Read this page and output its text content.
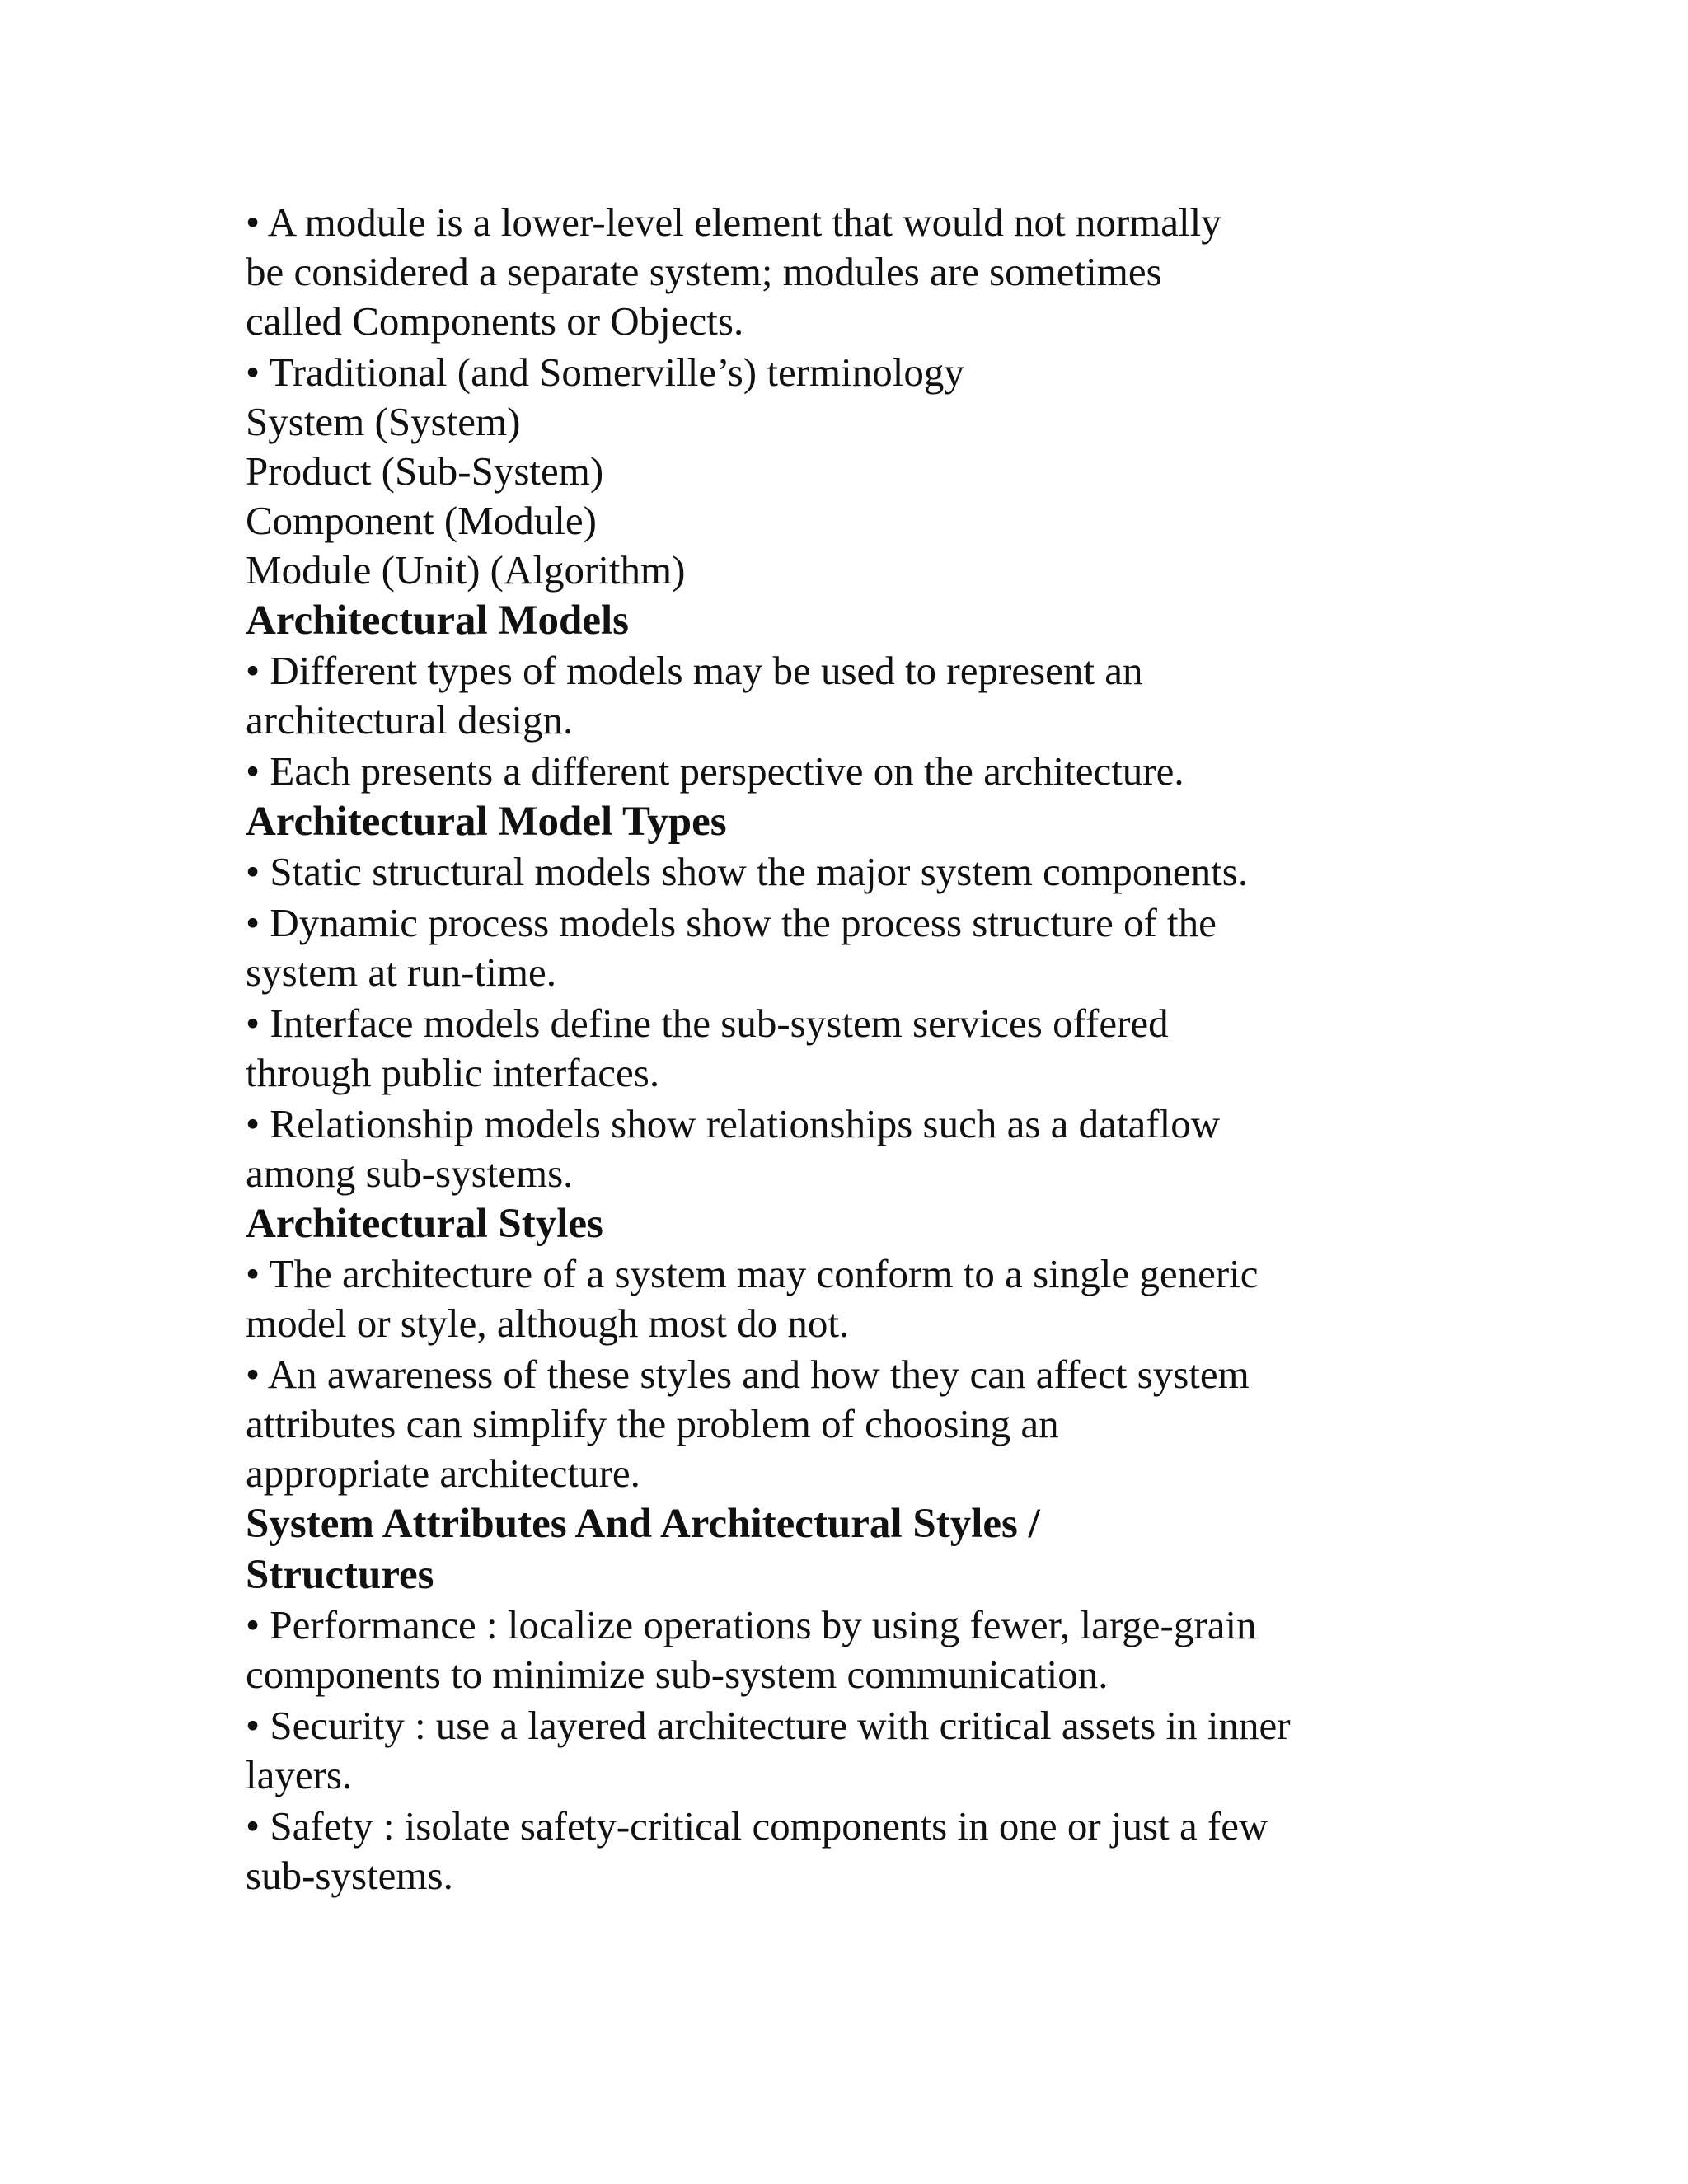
• A module is a lower-level element that would not normally
be considered a separate system; modules are sometimes
called Components or Objects.
• Traditional (and Somerville’s) terminology
System (System)
Product (Sub-System)
Component (Module)
Module (Unit) (Algorithm)
Architectural Models
• Different types of models may be used to represent an
architectural design.
• Each presents a different perspective on the architecture.
Architectural Model Types
• Static structural models show the major system components.
• Dynamic process models show the process structure of the
system at run-time.
• Interface models define the sub-system services offered
through public interfaces.
• Relationship models show relationships such as a dataflow
among sub-systems.
Architectural Styles
• The architecture of a system may conform to a single generic
model or style, although most do not.
• An awareness of these styles and how they can affect system
attributes can simplify the problem of choosing an
appropriate architecture.
System Attributes And Architectural Styles /
Structures
• Performance : localize operations by using fewer, large-grain
components to minimize sub-system communication.
• Security : use a layered architecture with critical assets in inner
layers.
• Safety : isolate safety-critical components in one or just a few
sub-systems.
